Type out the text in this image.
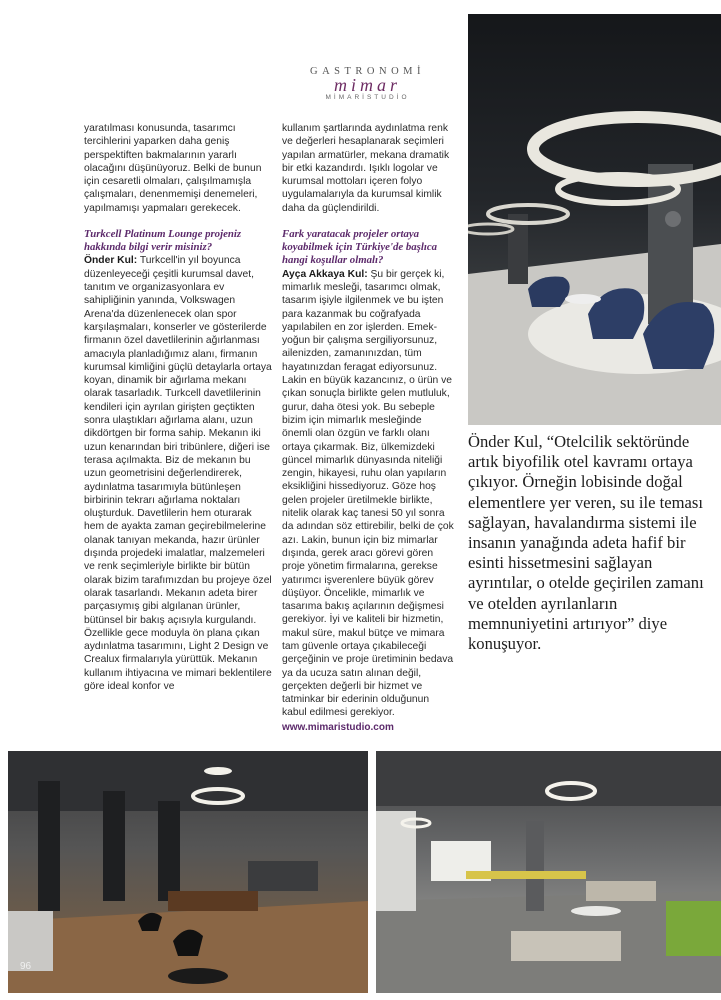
GASTRONOMİ
mimar
MİMARİSTUDİO

yaratılması konusunda, tasarımcı tercihlerini yaparken daha geniş perspektiften bakmalarının yararlı olacağını düşünüyoruz. Belki de bunun için cesaretli olmaları, çalışılmamışla çalışmaları, denenmemişi denemeleri, yapılmamışı yapmaları gerekecek.

Turkcell Platinum Lounge projeniz hakkında bilgi verir misiniz?

Önder Kul: Turkcell'in yıl boyunca düzenleyeceği çeşitli kurumsal davet, tanıtım ve organizasyonlara ev sahipliğinin yanında, Volkswagen Arena'da düzenlenecek olan spor karşılaşmaları, konserler ve gösterilerde firmanın özel davetlilerinin ağırlanması amacıyla planladığımız alanı, firmanın kurumsal kimliğini güçlü detaylarla ortaya koyan, dinamik bir ağırlama mekanı olarak tasarladık. Turkcell davetlilerinin kendileri için ayrılan girişten geçtikten sonra ulaştıkları ağırlama alanı, uzun dikdörtgen bir forma sahip. Mekanın iki uzun kenarından biri tribünlere, diğeri ise terasa açılmakta. Biz de mekanın bu uzun geometrisini değerlendirerek, aydınlatma tasarımıyla bütünleşen birbirinin tekrarı ağırlama noktaları oluşturduk. Davetlilerin hem oturarak hem de ayakta zaman geçirebilmelerine olanak tanıyan mekanda, hazır ürünler dışında projedeki imalatlar, malzemeleri ve renk seçimleriyle birlikte bir bütün olarak bizim tarafımızdan bu projeye özel olarak tasarlandı. Mekanın adeta birer parçasıymış gibi algılanan ürünler, bütünsel bir bakış açısıyla kurgulandı. Özellikle gece moduyla ön plana çıkan aydınlatma tasarımını, Light 2 Design ve Crealux firmalarıyla yürüttük. Mekanın kullanım ihtiyacına ve mimari beklentilere göre ideal konfor ve

kullanım şartlarında aydınlatma renk ve değerleri hesaplanarak seçimleri yapılan armatürler, mekana dramatik bir etki kazandırdı. Işıklı logolar ve kurumsal mottoları içeren folyo uygulamalarıyla da kurumsal kimlik daha da güçlendirildi.

Fark yaratacak projeler ortaya koyabilmek için Türkiye'de başlıca hangi koşullar olmalı?

Ayça Akkaya Kul: Şu bir gerçek ki, mimarlık mesleği, tasarımcı olmak, tasarım işiyle ilgilenmek ve bu işten para kazanmak bu coğrafyada yapılabilen en zor işlerden. Emek-yoğun bir çalışma sergiliyorsunuz, ailenizden, zamanınızdan, tüm hayatınızdan feragat ediyorsunuz. Lakin en büyük kazancınız, o ürün ve çıkan sonuçla birlikte gelen mutluluk, gurur, daha ötesi yok. Bu sebeple bizim için mimarlık mesleğinde önemli olan özgün ve farklı olanı ortaya çıkarmak. Biz, ülkemizdeki güncel mimarlık dünyasında niteliği zengin, hikayesi, ruhu olan yapıların eksikliğini hissediyoruz. Göze hoş gelen projeler üretilmekle birlikte, nitelik olarak kaç tanesi 50 yıl sonra da adından söz ettirebilir, belki de çok azı. Lakin, bunun için biz mimarlar dışında, gerek aracı görevi gören proje yönetim firmalarına, gerekse yatırımcı işverenlere büyük görev düşüyor. Öncelikle, mimarlık ve tasarıma bakış açılarının değişmesi gerekiyor. İyi ve kaliteli bir hizmetin, makul süre, makul bütçe ve mimara tam güvenle ortaya çıkabileceği gerçeğinin ve proje üretiminin bedava ya da ucuza satın alınan değil, gerçekten değerli bir hizmet ve tatminkar bir ederinin olduğunun kabul edilmesi gerekiyor.

www.mimaristudio.com

Önder Kul, “Otelcilik sektöründe artık biyofilik otel kavramı ortaya çıkıyor. Örneğin lobisinde doğal elementlere yer veren, su ile teması sağlayan, havalandırma sistemi ile insanın yanağında adeta hafif bir esinti hissetmesini sağlayan ayrıntılar, o otelde geçirilen zamanı ve otelden ayrılanların memnuniyetini artırıyor” diye konuşuyor.
96
